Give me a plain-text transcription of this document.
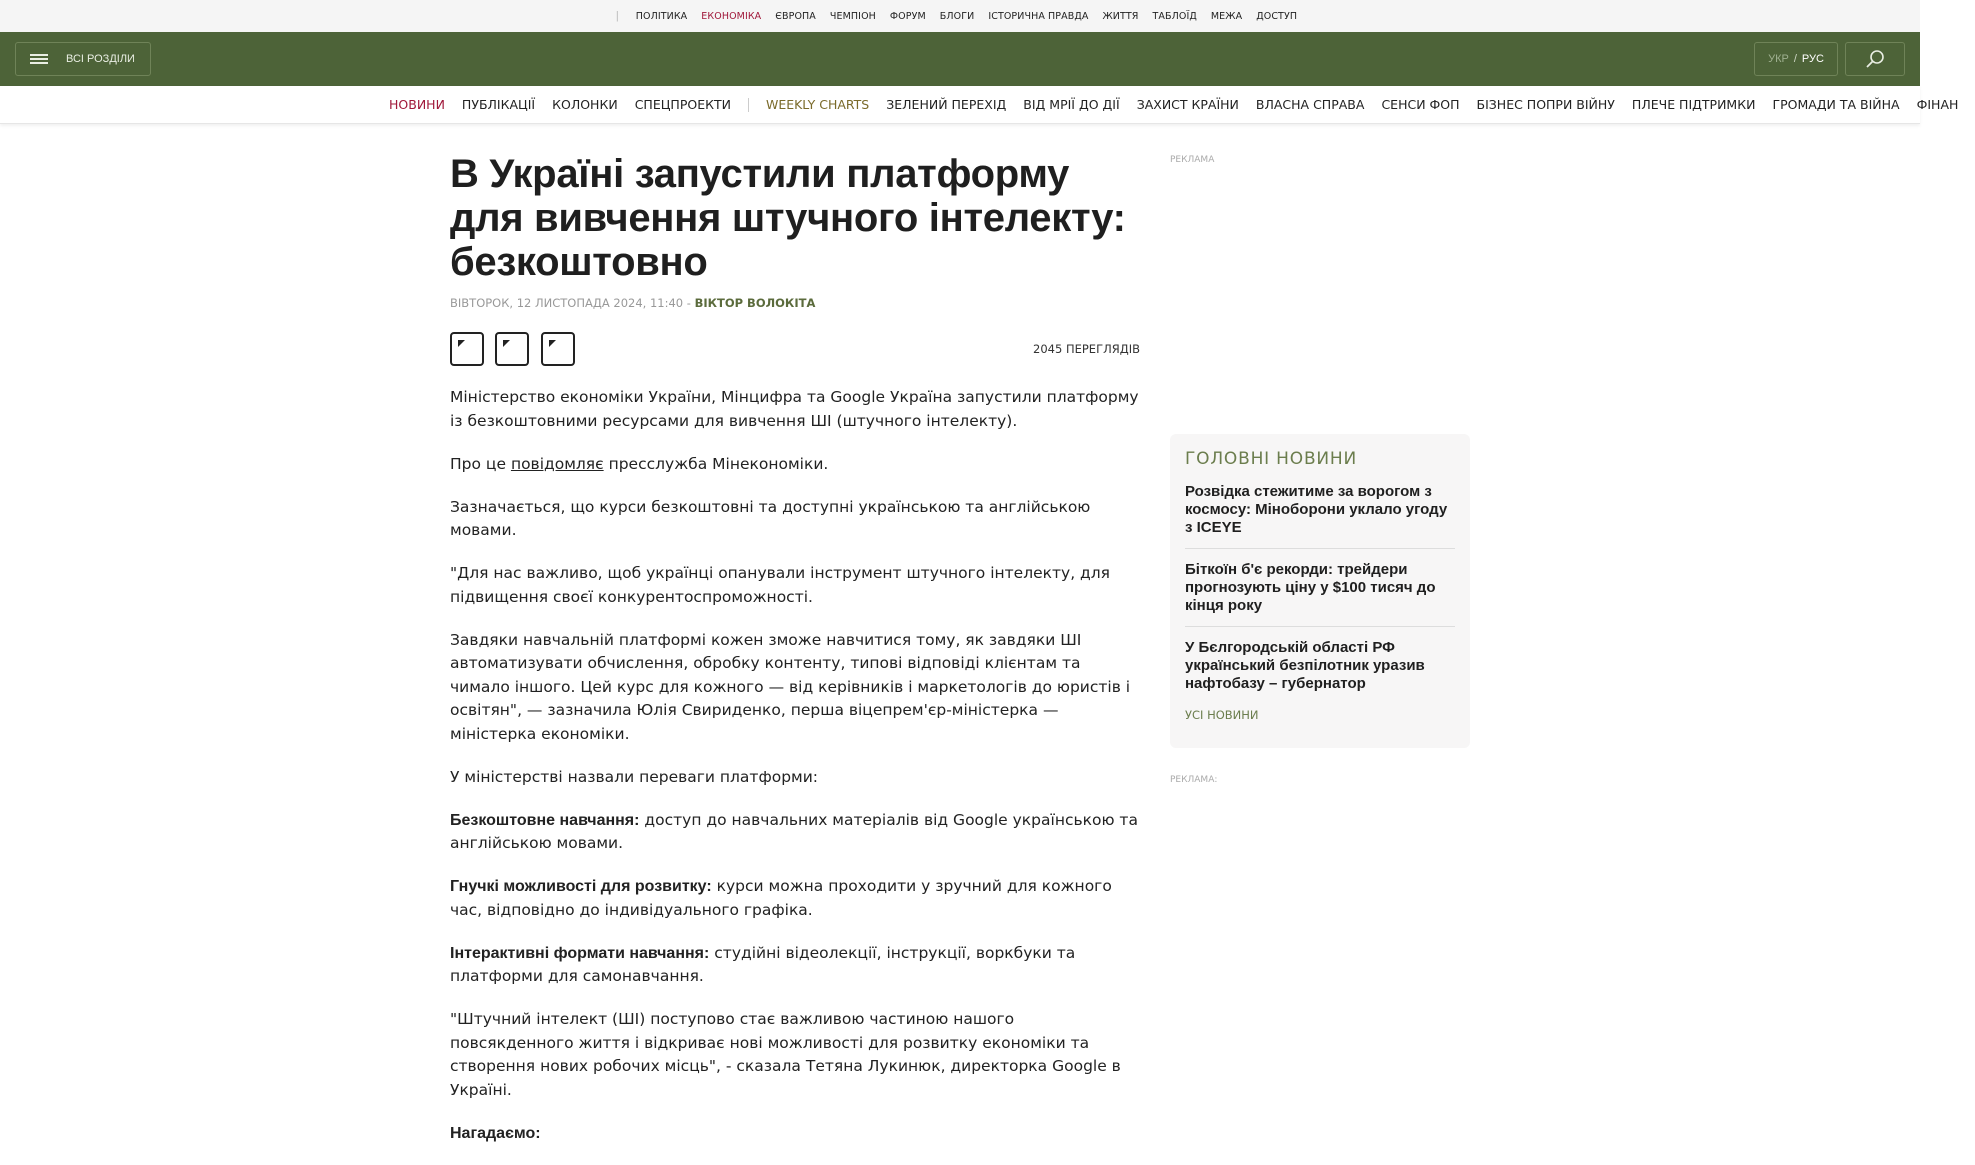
| ПОЛІТИКА ЕКОНОМІКА ЄВРОПА ЧЕМПІОН ФОРУМ БЛОГИ ІСТОРИЧНА ПРАВДА ЖИТТЯ ТАБЛОЇД МЕЖА ДОСТУП
ВСІ РОЗДІЛИ	УКР / РУС
НОВИНИ ПУБЛІКАЦІЇ КОЛОНКИ СПЕЦПРОЕКТИ	WEEKLY CHARTS ЗЕЛЕНИЙ ПЕРЕХІД ВІД МРІЇ ДО ДІЇ ЗАХИСТ КРАЇНИ ВЛАСНА СПРАВА СЕНСИ ФОП БІЗНЕС ПОПРИ ВІЙНУ ПЛЕЧЕ ПІДТРИМКИ ГРОМАДИ ТА ВІЙНА ФІНАН
В Україні запустили платформу для вивчення штучного інтелекту: безкоштовно
ВІВТОРОК, 12 ЛИСТОПАДА 2024, 11:40 - ВІКТОР ВОЛОКІТА

2045 ПЕРЕГЛЯДІВ

Міністерство економіки України, Мінцифра та Google Україна запустили платформу із безкоштовними ресурсами для вивчення ШІ (штучного інтелекту).

Про це повідомляє пресслужба Мінекономіки.

Зазначається, що курси безкоштовні та доступні українською та англійською мовами.

"Для нас важливо, щоб українці опанували інструмент штучного інтелекту, для підвищення своєї конкурентоспроможності.

Завдяки навчальній платформі кожен зможе навчитися тому, як завдяки ШІ автоматизувати обчислення, обробку контенту, типові відповіді клієнтам та чимало іншого. Цей курс для кожного — від керівників і маркетологів до юристів і освітян", — зазначила Юлія Свириденко, перша віцепрем'єр-міністерка — міністерка економіки.

У міністерстві назвали переваги платформи:

Безкоштовне навчання: доступ до навчальних матеріалів від Google українською та англійською мовами.

Гнучкі можливості для розвитку: курси можна проходити у зручний для кожного час, відповідно до індивідуального графіка.

Інтерактивні формати навчання: студійні відеолекції, інструкції, воркбуки та платформи для самонавчання.

"Штучний інтелект (ШІ) поступово стає важливою частиною нашого повсякденного життя і відкриває нові можливості для розвитку економіки та створення нових робочих місць", - сказала Тетяна Лукинюк, директорка Google в Україні.

Нагадаємо:

РЕКЛАМА
ГОЛОВНІ НОВИНИ
Розвідка стежитиме за ворогом з космосу: Міноборони уклало угоду з ICEYE
Біткоїн б'є рекорди: трейдери прогнозують ціну у $100 тисяч до кінця року
У Бєлгородській області РФ український безпілотник уразив нафтобазу – губернатор
УСІ НОВИНИ
РЕКЛАМА:
